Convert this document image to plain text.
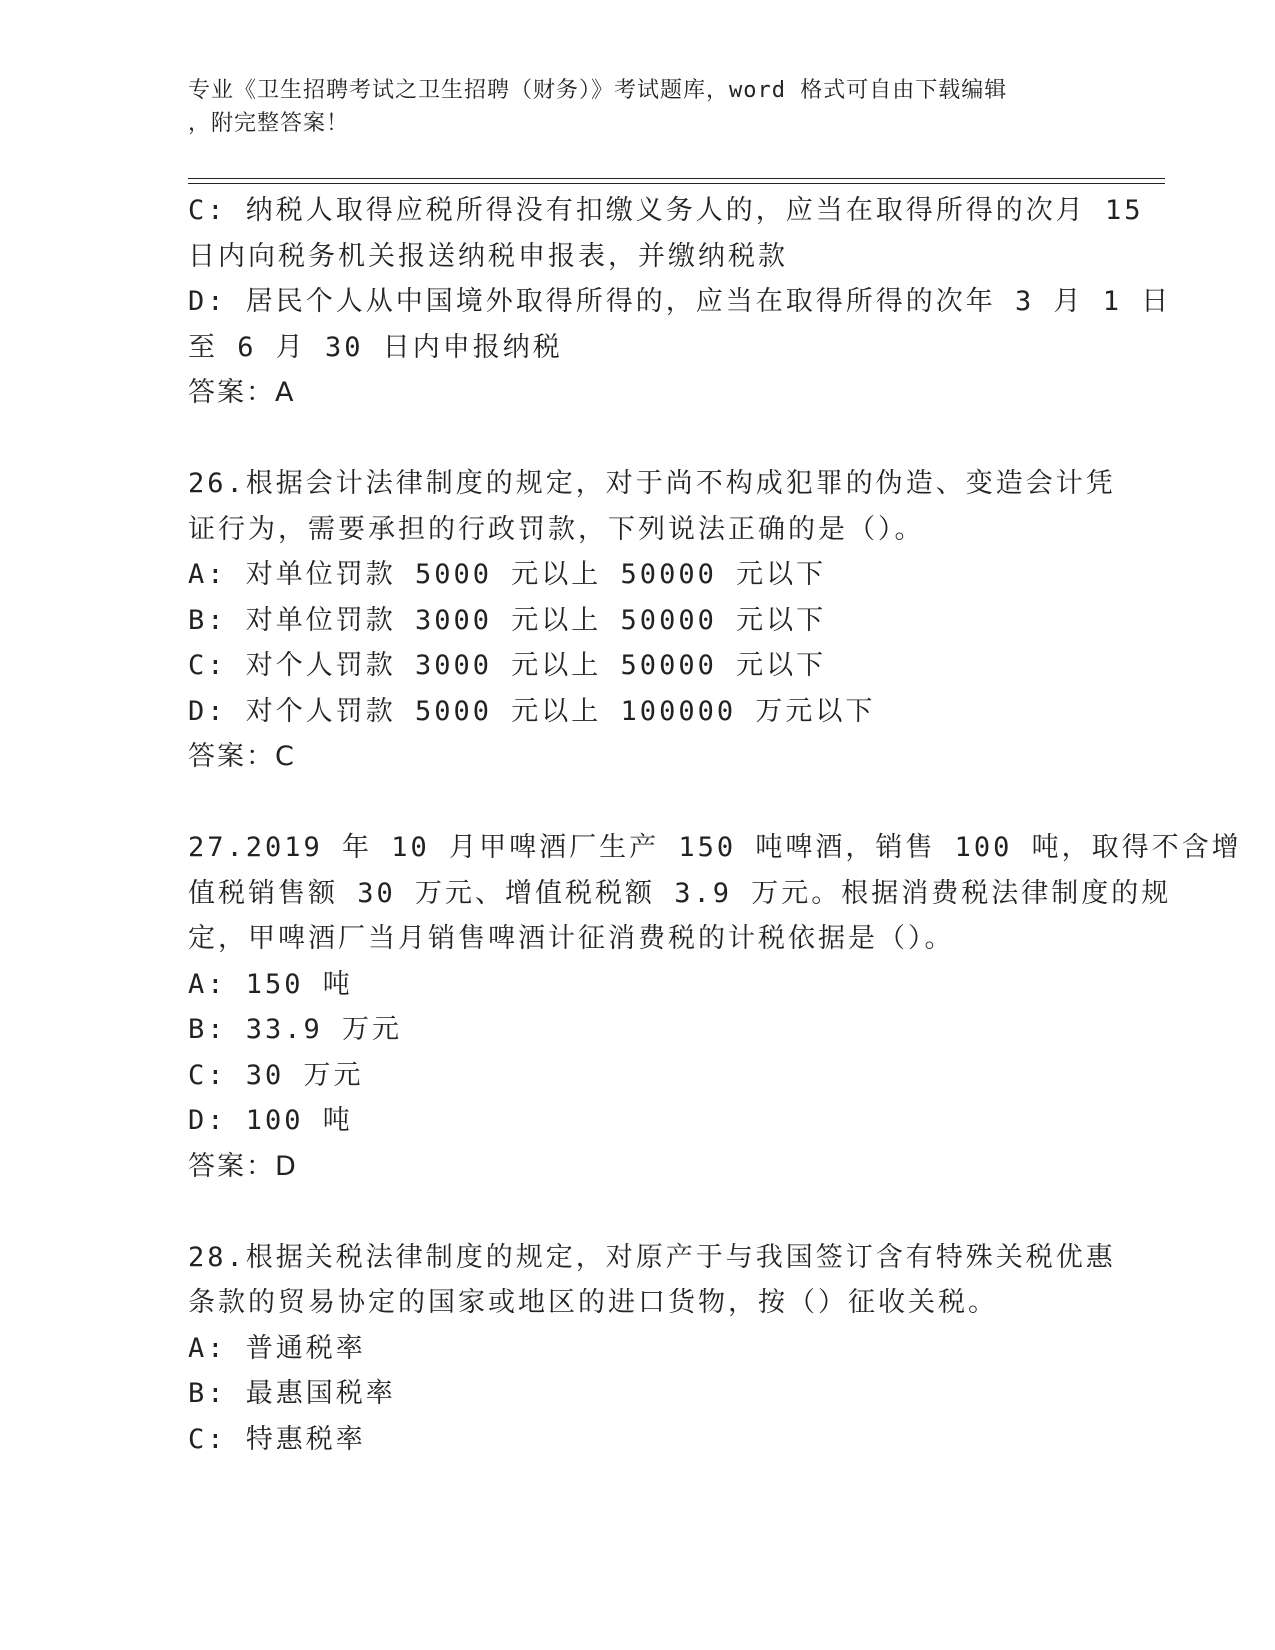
专业《卫生招聘考试之卫生招聘（财务）》考试题库，word 格式可自由下载编辑
，附完整答案！
C: 纳税人取得应税所得没有扣缴义务人的，应当在取得所得的次月 15
日内向税务机关报送纳税申报表，并缴纳税款
D: 居民个人从中国境外取得所得的，应当在取得所得的次年 3 月 1 日
至 6 月 30 日内申报纳税
答案：A
26.根据会计法律制度的规定，对于尚不构成犯罪的伪造、变造会计凭
证行为，需要承担的行政罚款，下列说法正确的是（）。
A: 对单位罚款 5000 元以上 50000 元以下
B: 对单位罚款 3000 元以上 50000 元以下
C: 对个人罚款 3000 元以上 50000 元以下
D: 对个人罚款 5000 元以上 100000 万元以下
答案：C
27.2019 年 10 月甲啤酒厂生产 150 吨啤酒，销售 100 吨，取得不含增
值税销售额 30 万元、增值税税额 3.9 万元。根据消费税法律制度的规
定，甲啤酒厂当月销售啤酒计征消费税的计税依据是（）。
A: 150 吨
B: 33.9 万元
C: 30 万元
D: 100 吨
答案：D
28.根据关税法律制度的规定，对原产于与我国签订含有特殊关税优惠
条款的贸易协定的国家或地区的进口货物，按（）征收关税。
A: 普通税率
B: 最惠国税率
C: 特惠税率
